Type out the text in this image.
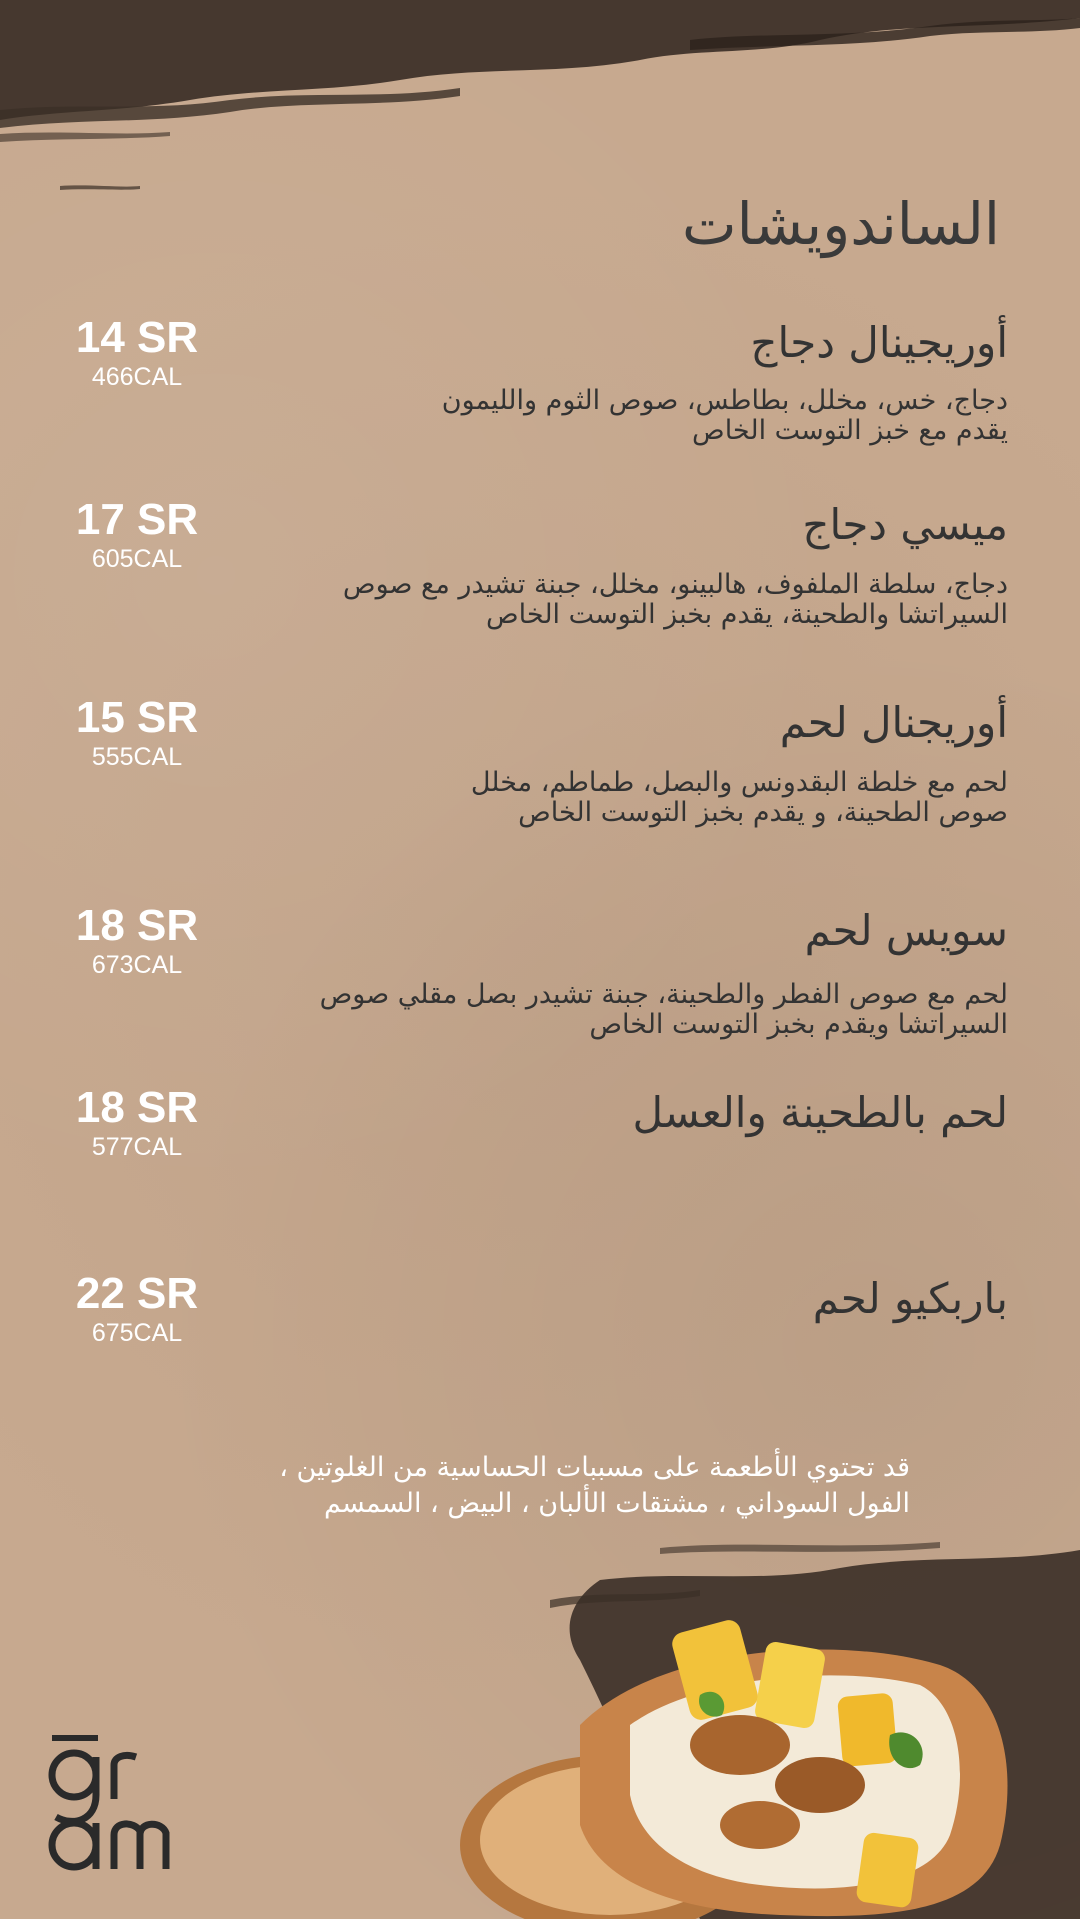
الساندويشات
14 SR
466CAL
أوريجينال دجاج
دجاج، خس، مخلل، بطاطس، صوص الثوم والليمون
يقدم مع خبز التوست الخاص
17 SR
605CAL
ميسي دجاج
دجاج، سلطة الملفوف، هالبينو، مخلل، جبنة تشيدر مع صوص
السيراتشا والطحينة، يقدم بخبز التوست الخاص
15 SR
555CAL
أوريجنال لحم
لحم مع خلطة البقدونس والبصل، طماطم، مخلل
صوص الطحينة، و يقدم بخبز التوست الخاص
18 SR
673CAL
سويس لحم
لحم مع صوص الفطر والطحينة، جبنة تشيدر بصل مقلي صوص
السيراتشا ويقدم بخبز التوست الخاص
18 SR
577CAL
لحم بالطحينة والعسل
22 SR
675CAL
باربكيو لحم
قد تحتوي الأطعمة على مسببات الحساسية من الغلوتين ،
الفول السوداني ، مشتقات الألبان ، البيض ، السمسم
